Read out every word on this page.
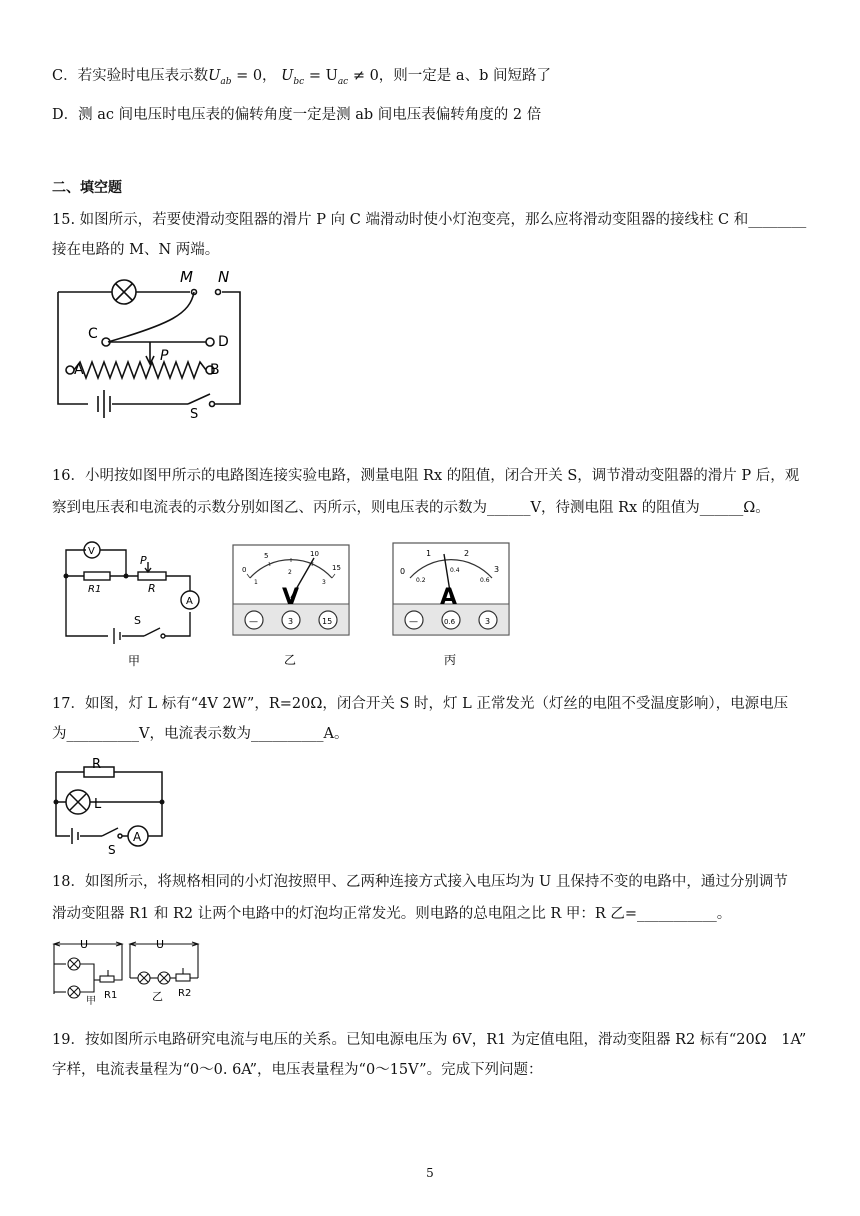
C．若实验时电压表示数$U_{ab} = 0$， $U_{bc} = U_{ac} \ne 0$，则一定是 a、b 间短路了
D．测 ac 间电压时电压表的偏转角度一定是测 ab 间电压表偏转角度的 2 倍
二、填空题
15. 如图所示，若要使滑动变阻器的滑片 P 向 C 端滑动时使小灯泡变亮，那么应将滑动变阻器的接线柱 C 和________
接在电路的 M、N 两端。
M N
C	D
A	B
P
S
16．小明按如图甲所示的电路图连接实验电路，测量电阻 Rx 的阻值，闭合开关 S，调节滑动变阻器的滑片 P 后，观
察到电压表和电流表的示数分别如图乙、丙所示，则电压表的示数为______V，待测电阻 Rx 的阻值为______Ω。
V
R1	R
P
A
S
甲
0
5	10
15
1
2
3
V
—	3	15
乙
0
1	2
3
0.2
0.4
0.6
A
—	0.6	3
丙
17．如图，灯 L 标有“4V 2W”，R=20Ω，闭合开关 S 时，灯 L 正常发光（灯丝的电阻不受温度影响），电源电压
为__________V，电流表示数为__________A。
R
L
A
S
18．如图所示，将规格相同的小灯泡按照甲、乙两种连接方式接入电压均为 U 且保持不变的电路中，通过分别调节
滑动变阻器 R1 和 R2 让两个电路中的灯泡均正常发光。则电路的总电阻之比 R 甲：R 乙=___________。
U	U
R1	R2
甲	乙
19．按如图所示电路研究电流与电压的关系。已知电源电压为 6V，R1 为定值电阻，滑动变阻器 R2 标有“20Ω　1A”
字样，电流表量程为“0～0. 6A”，电压表量程为“0～15V”。完成下列问题：
5
